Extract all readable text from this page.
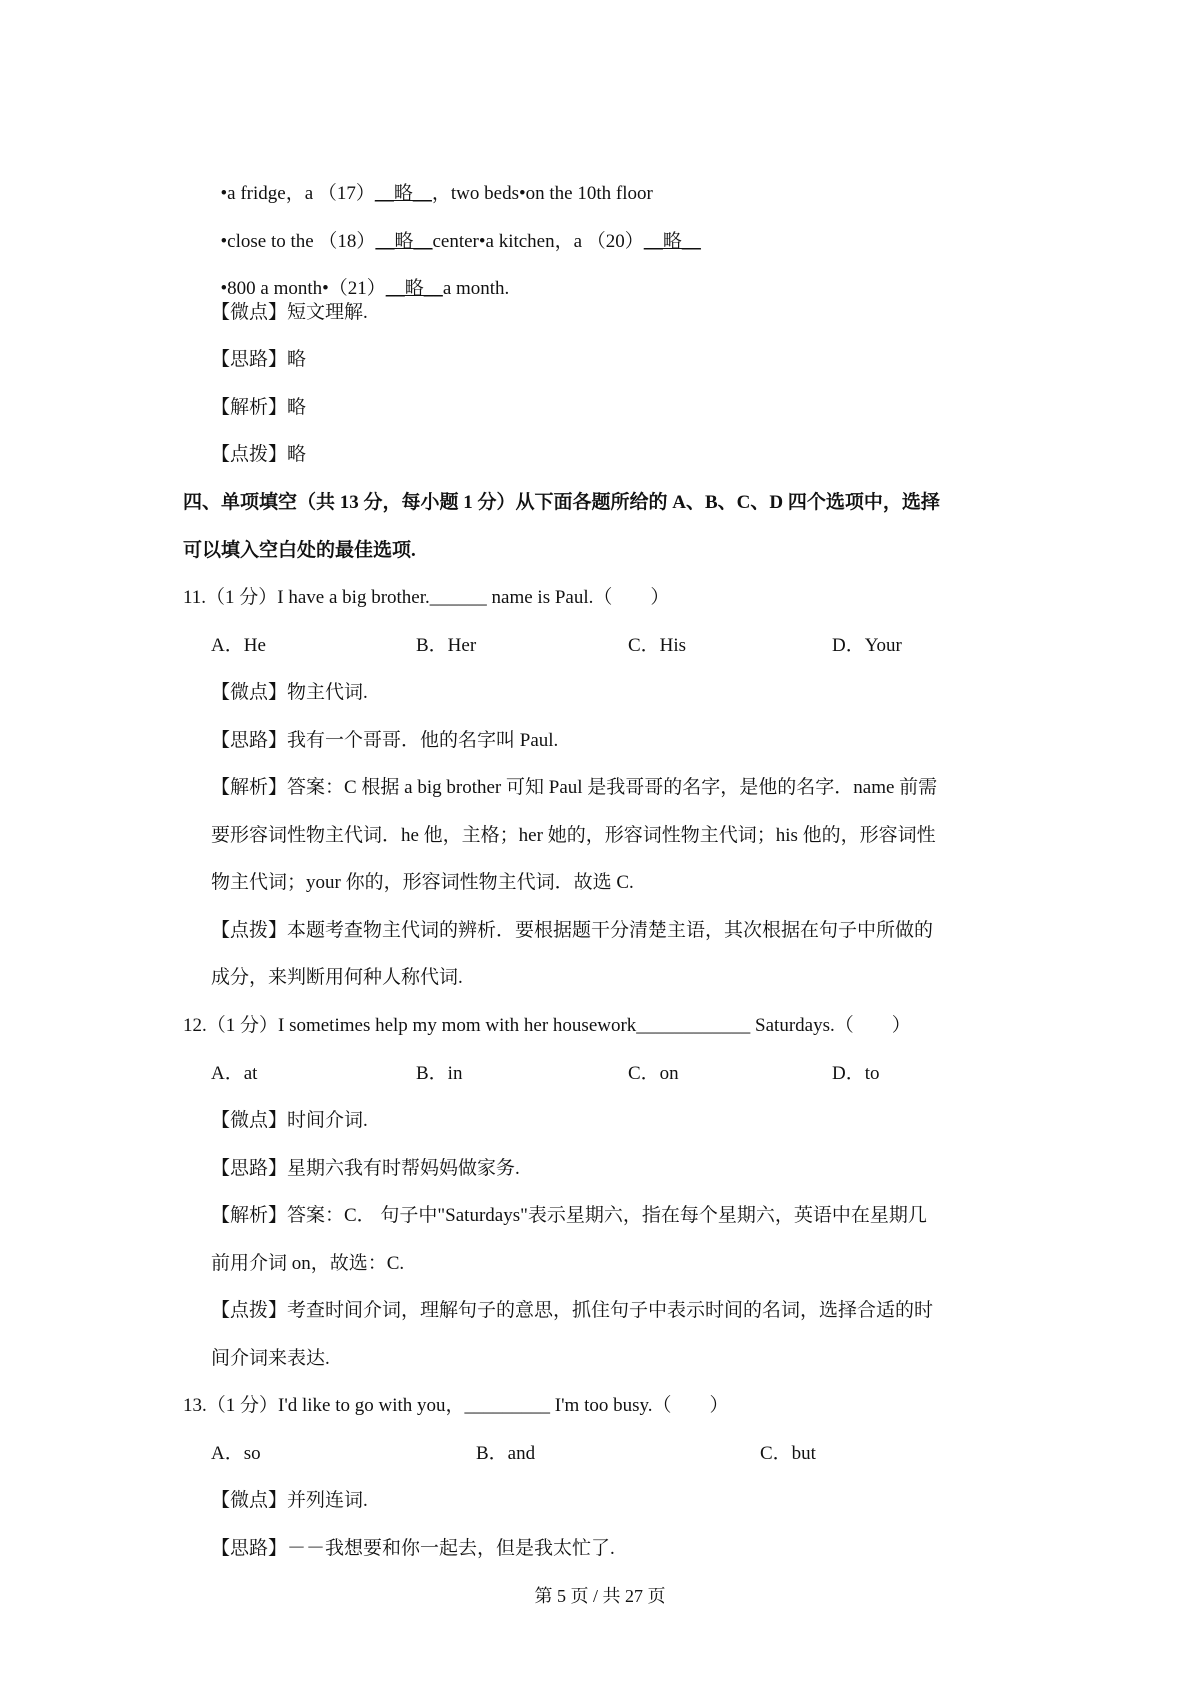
•a fridge，a （17）__略__，two beds•on the 10th floor

•close to the （18）__略__center•a kitchen，a （20）__略__

•800 a month•（21）__略__a month.

【微点】短文理解.
【思路】略
【解析】略
【点拨】略
四、单项填空（共 13 分，每小题 1 分）从下面各题所给的 A、B、C、D 四个选项中，选择
可以填入空白处的最佳选项.
11.（1 分）I have a big brother.______ name is Paul.（　　）
A．He	B．Her	C．His	D．Your
【微点】物主代词.
【思路】我有一个哥哥．他的名字叫 Paul.
【解析】答案：C 根据 a big brother 可知 Paul 是我哥哥的名字，是他的名字．name 前需
要形容词性物主代词．he 他，主格；her 她的，形容词性物主代词；his 他的，形容词性
物主代词；your 你的，形容词性物主代词．故选 C.
【点拨】本题考查物主代词的辨析．要根据题干分清楚主语，其次根据在句子中所做的
成分，来判断用何种人称代词.
12.（1 分）I sometimes help my mom with her housework____________ Saturdays.（　　）
A．at	B．in	C．on	D．to
【微点】时间介词.
【思路】星期六我有时帮妈妈做家务.
【解析】答案：C． 句子中"Saturdays"表示星期六，指在每个星期六，英语中在星期几
前用介词 on，故选：C.
【点拨】考查时间介词，理解句子的意思，抓住句子中表示时间的名词，选择合适的时
间介词来表达.
13.（1 分）I'd like to go with you，_________ I'm too busy.（　　）
A．so	B．and	C．but
【微点】并列连词.
【思路】－－我想要和你一起去，但是我太忙了.
第 5 页 / 共 27 页
